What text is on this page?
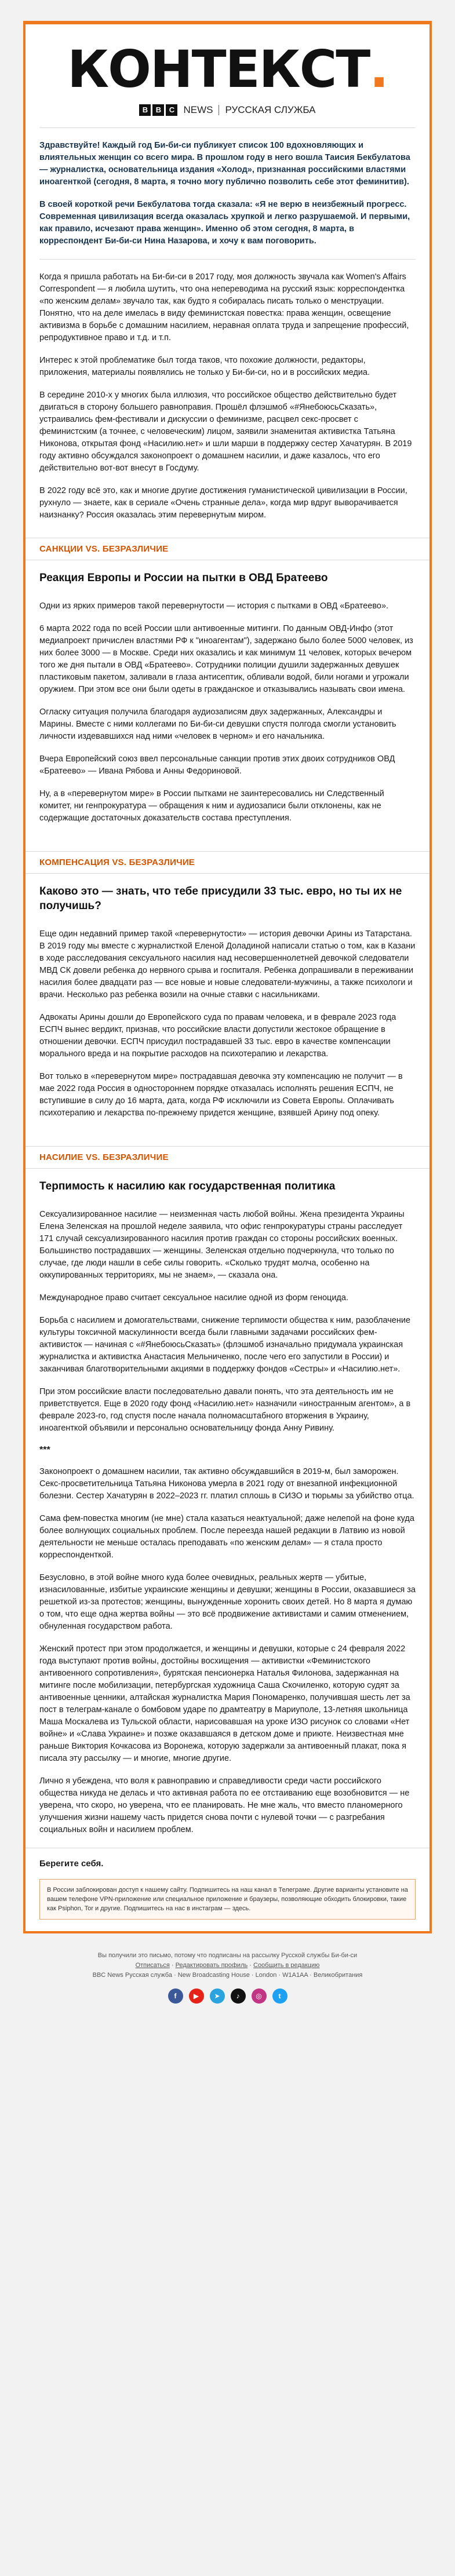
КОНТЕКСТ.
B	B	C NEWS РУССКАЯ СЛУЖБА

Здравствуйте! Каждый год Би-би-си публикует список 100 вдохновляющих и влиятельных женщин со всего мира. В прошлом году в него вошла Таисия Бекбулатова — журналистка, основательница издания «Холод», признанная российскими властями иноагенткой (сегодня, 8 марта, я точно могу публично позволить себе этот феминитив).

В своей короткой речи Бекбулатова тогда сказала: «Я не верю в неизбежный прогресс. Современная цивилизация всегда оказалась хрупкой и легко разрушаемой. И первыми, как правило, исчезают права женщин». Именно об этом сегодня, 8 марта, в корреспондент Би-би-си Нина Назарова, и хочу к вам поговорить.

Когда я пришла работать на Би-би-си в 2017 году, моя должность звучала как Women's Affairs Correspondent — я любила шутить, что она непереводима на русский язык: корреспондентка «по женским делам» звучало так, как будто я собиралась писать только о менструации. Понятно, что на деле имелась в виду феминистская повестка: права женщин, освещение активизма в борьбе с домашним насилием, неравная оплата труда и запрещение профессий, репродуктивное право и т.д. и т.п.

Интерес к этой проблематике был тогда таков, что похожие должности, редакторы, приложения, материалы появлялись не только у Би-би-си, но и в российских медиа.

В середине 2010-х у многих была иллюзия, что российское общество действительно будет двигаться в сторону большего равноправия. Прошёл флэшмоб «#ЯнебоюсьСказать», устраивались фем-фестивали и дискуссии о феминизме, расцвел секс-просвет с феминистским (а точнее, с человеческим) лицом, заявили знаменитая активистка Татьяна Никонова, открытая фонд «Насилию.нет» и шли марши в поддержку сестер Хачатурян. В 2019 году активно обсуждался законопроект о домашнем насилии, и даже казалось, что его действительно вот-вот внесут в Госдуму.

В 2022 году всё это, как и многие другие достижения гуманистической цивилизации в России, рухнуло — знаете, как в сериале «Очень странные дела», когда мир вдруг выворачивается наизнанку? Россия оказалась этим перевернутым миром.

САНКЦИИ VS. БЕЗРАЗЛИЧИЕ
Реакция Европы и России на пытки в ОВД Братеево

Одни из ярких примеров такой перевернутости — история с пытками в ОВД «Братеево».

6 марта 2022 года по всей России шли антивоенные митинги. По данным ОВД-Инфо (этот медиапроект причислен властями РФ к "иноагентам"), задержано было более 5000 человек, из них более 3000 — в Москве. Среди них оказались и как минимум 11 человек, которых вечером того же дня пытали в ОВД «Братеево». Сотрудники полиции душили задержанных девушек пластиковым пакетом, заливали в глаза антисептик, обливали водой, били ногами и угрожали оружием. При этом все они были одеты в гражданское и отказывались называть свои имена.

Огласку ситуация получила благодаря аудиозаписям двух задержанных, Александры и Марины. Вместе с ними коллегами по Би-би-си девушки спустя полгода смогли установить личности издевавшихся над ними «человек в черном» и его начальника.

Вчера Европейский союз ввел персональные санкции против этих двоих сотрудников ОВД «Братеево» — Ивана Рябова и Анны Федориновой.

Ну, а в «перевернутом мире» в России пытками не заинтересовались ни Следственный комитет, ни генпрокуратура — обращения к ним и аудиозаписи были отклонены, как не содержащие достаточных доказательств состава преступления.

КОМПЕНСАЦИЯ VS. БЕЗРАЗЛИЧИЕ
Каково это — знать, что тебе присудили 33 тыс. евро, но ты их не получишь?

Еще один недавний пример такой «перевернутости» — история девочки Арины из Татарстана. В 2019 году мы вместе с журналисткой Еленой Доладиной написали статью о том, как в Казани в ходе расследования сексуального насилия над несовершеннолетней девочкой следователи МВД СК довели ребенка до нервного срыва и госпиталя. Ребенка допрашивали в переживании насилия более двадцати раз — все новые и новые следователи-мужчины, а также психологи и врачи. Несколько раз ребенка возили на очные ставки с насильниками.

Адвокаты Арины дошли до Европейского суда по правам человека, и в феврале 2023 года ЕСПЧ вынес вердикт, признав, что российские власти допустили жестокое обращение в отношении девочки. ЕСПЧ присудил пострадавшей 33 тыс. евро в качестве компенсации морального вреда и на покрытие расходов на психотерапию и лекарства.

Вот только в «перевернутом мире» пострадавшая девочка эту компенсацию не получит — в мае 2022 года Россия в одностороннем порядке отказалась исполнять решения ЕСПЧ, не вступившие в силу до 16 марта, дата, когда РФ исключили из Совета Европы. Оплачивать психотерапию и лекарства по-прежнему придется женщине, взявшей Арину под опеку.

НАСИЛИЕ VS. БЕЗРАЗЛИЧИЕ
Терпимость к насилию как государственная политика

Сексуализированное насилие — неизменная часть любой войны. Жена президента Украины Елена Зеленская на прошлой неделе заявила, что офис генпрокуратуры страны расследует 171 случай сексуализированного насилия против граждан со стороны российских военных. Большинство пострадавших — женщины. Зеленская отдельно подчеркнула, что только по случае, где люди нашли в себе силы говорить. «Сколько трудят молча, особенно на оккупированных территориях, мы не знаем», — сказала она.

Международное право считает сексуальное насилие одной из форм геноцида.

Борьба с насилием и домогательствами, снижение терпимости общества к ним, разоблачение культуры токсичной маскулинности всегда были главными задачами российских фем-активисток — начиная с «#ЯнебоюсьСказать» (флэшмоб изначально придумала украинская журналистка и активистка Анастасия Мельниченко, после чего его запустили в России) и заканчивая благотворительными акциями в поддержку фондов «Сестры» и «Насилию.нет».

При этом российские власти последовательно давали понять, что эта деятельность им не приветствуется. Еще в 2020 году фонд «Насилию.нет» назначили «иностранным агентом», а в феврале 2023-го, год спустя после начала полномасштабного вторжения в Украину, иноагенткой объявили и персонально основательницу фонда Анну Ривину.

***

Законопроект о домашнем насилии, так активно обсуждавшийся в 2019-м, был заморожен. Секс-просветительница Татьяна Никонова умерла в 2021 году от внезапной инфекционной болезни. Сестер Хачатурян в 2022–2023 гг. платил сплошь в СИЗО и тюрьмы за убийство отца.

Сама фем-повестка многим (не мне) стала казаться неактуальной; даже нелепой на фоне куда более волнующих социальных проблем. После переезда нашей редакции в Латвию из новой деятельности не меньше осталась преподавать «по женским делам» — я стала просто корреспонденткой.

Безусловно, в этой войне много куда более очевидных, реальных жертв — убитые, изнасилованные, избитые украинские женщины и девушки; женщины в России, оказавшиеся за решеткой из-за протестов; женщины, вынужденные хоронить своих детей. Но 8 марта я думаю о том, что еще одна жертва войны — это всё продвижение активистами и самим отменением, обнуленная государством работа.

Женский протест при этом продолжается, и женщины и девушки, которые с 24 февраля 2022 года выступают против войны, достойны восхищения — активистки «Феминистского антивоенного сопротивления», бурятская пенсионерка Наталья Филонова, задержанная на митинге после мобилизации, петербургская художница Саша Скочиленко, которую судят за антивоенные ценники, алтайская журналистка Мария Пономаренко, получившая шесть лет за пост в телеграм-канале о бомбовом ударе по драмтеатру в Мариуполе, 13-летняя школьница Маша Москалева из Тульской области, нарисовавшая на уроке ИЗО рисунок со словами «Нет войне» и «Слава Украине» и позже оказавшаяся в детском доме и приюте. Неизвестная мне раньше Виктория Кочкасова из Воронежа, которую задержали за антивоенный плакат, пока я писала эту рассылку — и многие, многие другие.

Лично я убеждена, что воля к равноправию и справедливости среди части российского общества никуда не делась и что активная работа по ее отстаиванию еще возобновится — не уверена, что скоро, но уверена, что ее планировать. Не мне жаль, что вместо планомерного улучшения жизни нашему часть придется снова почти с нулевой точки — с разгребания социальных войн и насилием проблем.

Берегите себя.
В России заблокирован доступ к нашему сайту. Подпишитесь на наш канал в Телеграме. Другие варианты установите на вашем телефоне VPN-приложение или специальное приложение и браузеры, позволяющие обходить блокировки, такие как Psiphon, Tor и другие. Подпишитесь на нас в инстаграм — здесь.
Вы получили это письмо, потому что подписаны на рассылку Русской службы Би-би-си
Отписаться · Редактировать профиль · Сообщить в редакцию
BBC News Русская служба · New Broadcasting House · London · W1A1AA · Великобритания
f	▶	➤	♪	◎	t
